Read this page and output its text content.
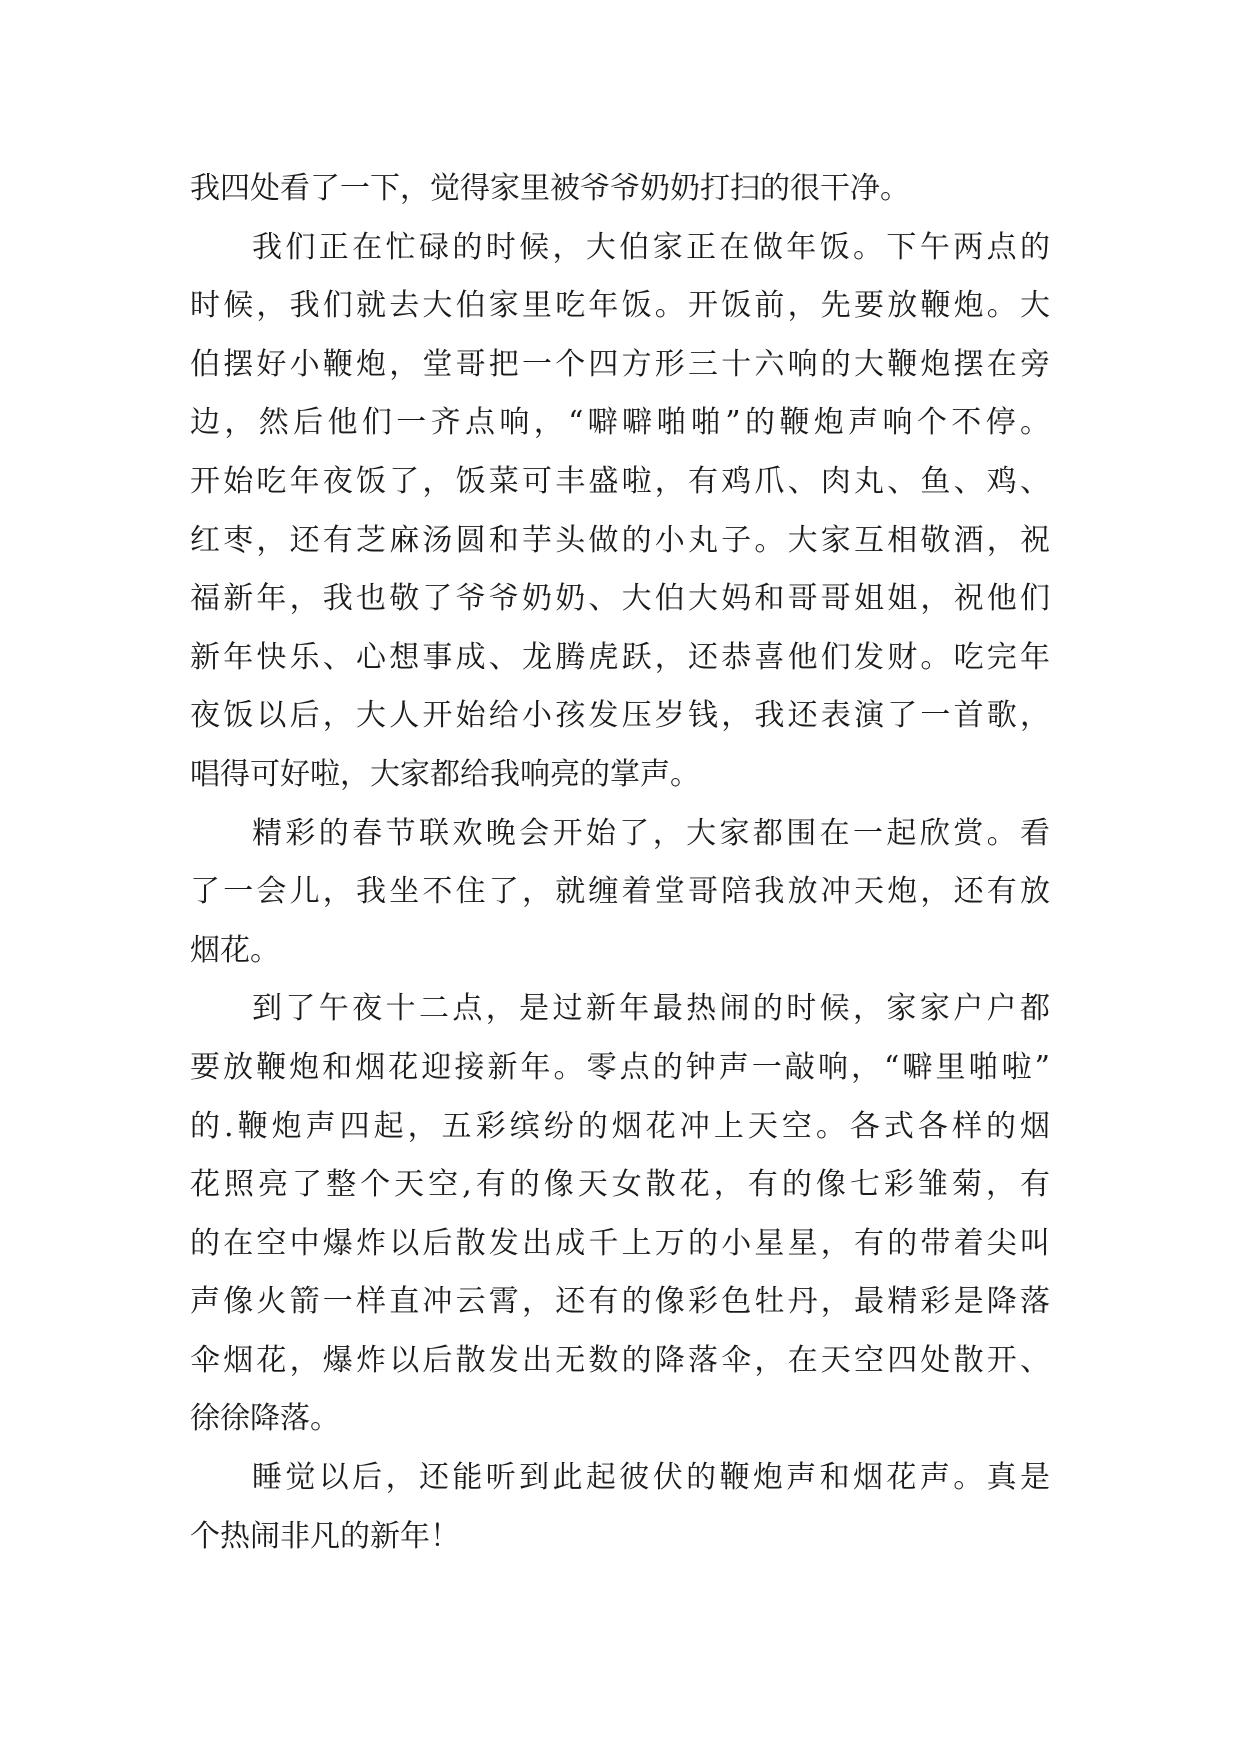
我四处看了一下，觉得家里被爷爷奶奶打扫的很干净。
我们正在忙碌的时候，大伯家正在做年饭。下午两点的
时候，我们就去大伯家里吃年饭。开饭前，先要放鞭炮。大
伯摆好小鞭炮，堂哥把一个四方形三十六响的大鞭炮摆在旁
边，然后他们一齐点响，“噼噼啪啪”的鞭炮声响个不停。
开始吃年夜饭了，饭菜可丰盛啦，有鸡爪、肉丸、鱼、鸡、
红枣，还有芝麻汤圆和芋头做的小丸子。大家互相敬酒，祝
福新年，我也敬了爷爷奶奶、大伯大妈和哥哥姐姐，祝他们
新年快乐、心想事成、龙腾虎跃，还恭喜他们发财。吃完年
夜饭以后，大人开始给小孩发压岁钱，我还表演了一首歌，
唱得可好啦，大家都给我响亮的掌声。
精彩的春节联欢晚会开始了，大家都围在一起欣赏。看
了一会儿，我坐不住了，就缠着堂哥陪我放冲天炮，还有放
烟花。
到了午夜十二点，是过新年最热闹的时候，家家户户都
要放鞭炮和烟花迎接新年。零点的钟声一敲响，“噼里啪啦”
的.鞭炮声四起，五彩缤纷的烟花冲上天空。各式各样的烟
花照亮了整个天空,有的像天女散花，有的像七彩雏菊，有
的在空中爆炸以后散发出成千上万的小星星，有的带着尖叫
声像火箭一样直冲云霄，还有的像彩色牡丹，最精彩是降落
伞烟花，爆炸以后散发出无数的降落伞，在天空四处散开、
徐徐降落。
睡觉以后，还能听到此起彼伏的鞭炮声和烟花声。真是
个热闹非凡的新年！
